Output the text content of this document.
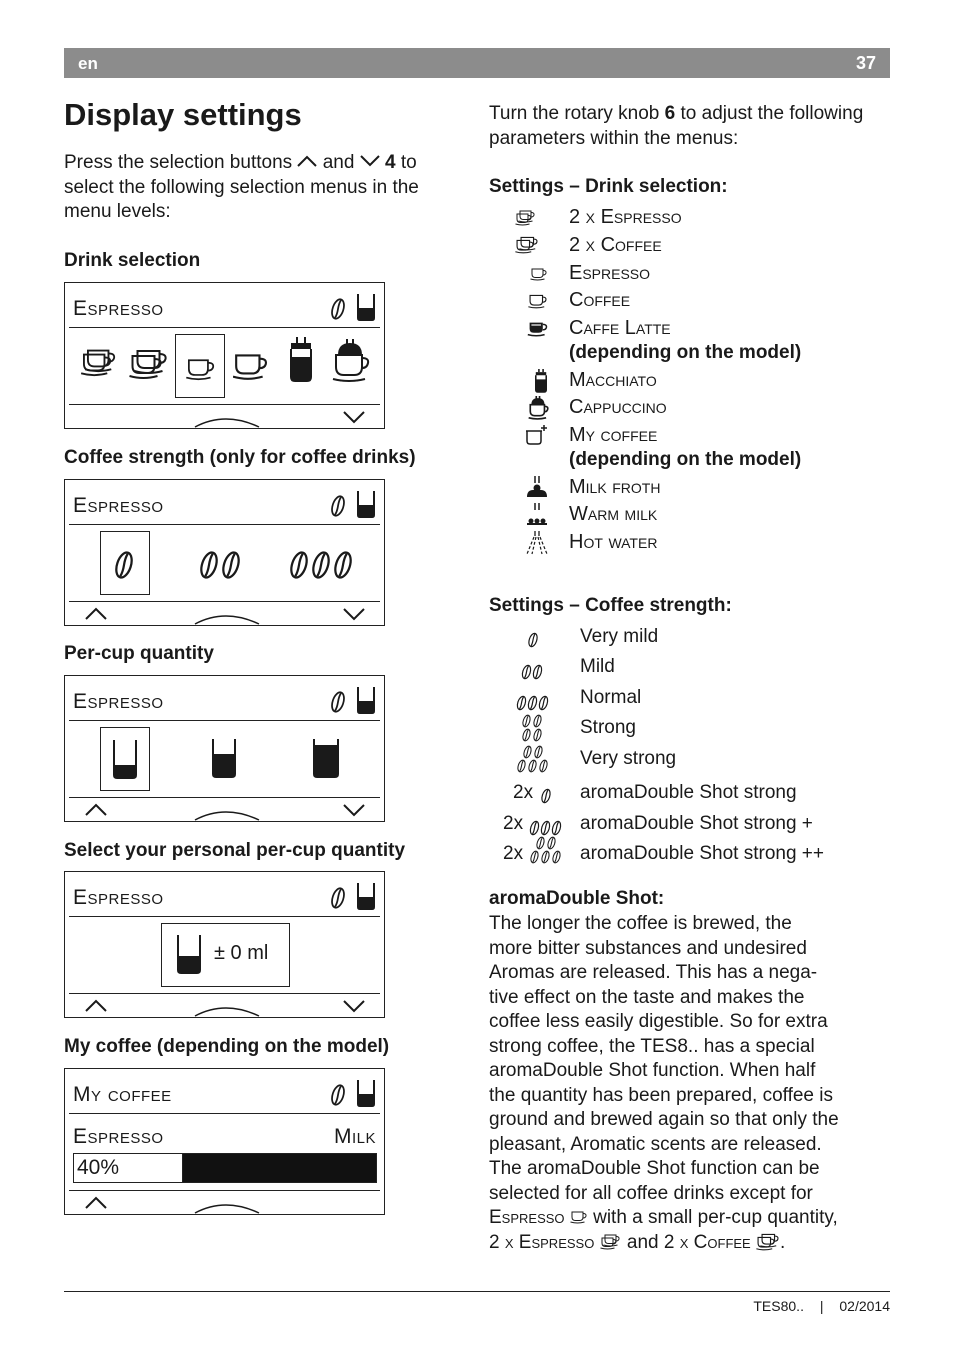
en	37
Display settings
Press the selection buttons and 4 to select the following selection menus in the menu levels:
Drink selection
Coffee strength (only for coffee drinks)
Per-cup quantity
Select your personal per-cup quantity
My coffee (depending on the model)
Espresso
Espresso
Espresso
Espresso
± 0 ml
My coffee
Espresso	Milk
40%
Turn the rotary knob 6 to adjust the following parameters within the menus:
Settings – Drink selection:
2 x Espresso
2 x Coffee
Espresso
Coffee
Caffe Latte
(depending on the model)
Macchiato
Cappuccino
My coffee
(depending on the model)
Milk froth
Warm milk
Hot water
Settings – Coffee strength:
Very mild
Mild
Normal
Strong
Very strong
2x aromaDouble Shot strong
2x	aromaDouble Shot strong +
2x	aromaDouble Shot strong ++
aromaDouble Shot:
The longer the coffee is brewed, the
more bitter substances and undesired
Aromas are released. This has a nega-
tive effect on the taste and makes the
coffee less easily digestible. So for extra
strong coffee, the TES8.. has a special
aromaDouble Shot function. When half
the quantity has been prepared, coffee is
ground and brewed again so that only the
pleasant, Aromatic scents are released.
The aromaDouble Shot function can be
selected for all coffee drinks except for
Espresso with a small per-cup quantity,
2 x Espresso and 2 x Coffee .
TES80.. | 02/2014
